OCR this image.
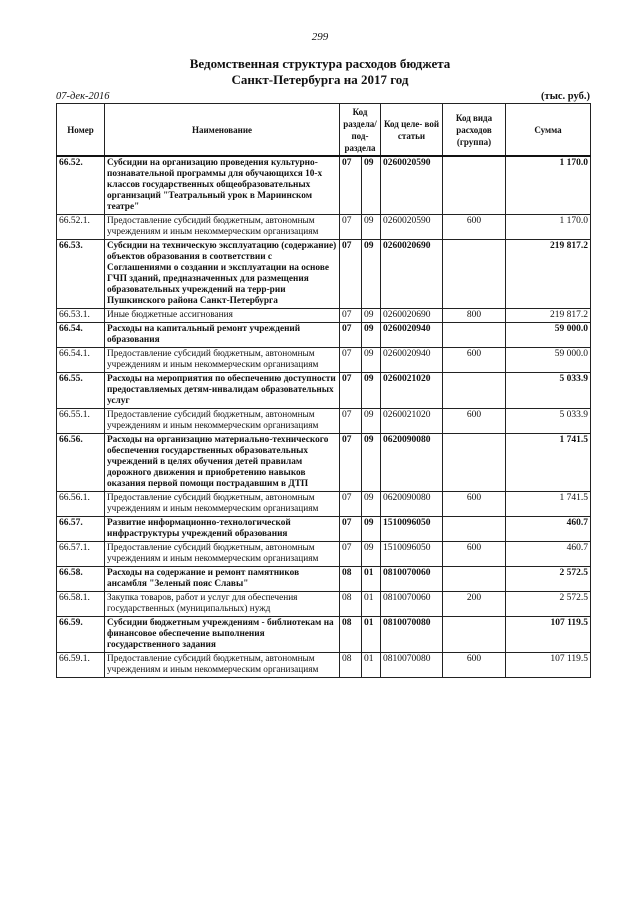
299
Ведомственная структура расходов бюджета
Санкт-Петербурга на 2017 год
07-дек-2016	(тыс. руб.)
Номер	Наименование	Код раздела/ под- раздела		Код целе- вой статьи	Код вида расходов (группа)	Сумма
66.52.	Субсидии на организацию проведения культурно-познавательной программы для обучающихся 10-х классов государственных общеобразовательных организаций "Театральный урок в Мариинском театре"	07	09	0260020590		1 170.0
66.52.1.	Предоставление субсидий бюджетным, автономным учреждениям и иным некоммерческим организациям	07	09	0260020590	600	1 170.0
66.53.	Субсидии на техническую эксплуатацию (содержание) объектов образования в соответствии с Соглашениями о создании и эксплуатации на основе ГЧП зданий, предназначенных для размещения образовательных учреждений на терр-рии Пушкинского района Санкт-Петербурга	07	09	0260020690		219 817.2
66.53.1.	Иные бюджетные ассигнования	07	09	0260020690	800	219 817.2
66.54.	Расходы на капитальный ремонт учреждений образования	07	09	0260020940		59 000.0
66.54.1.	Предоставление субсидий бюджетным, автономным учреждениям и иным некоммерческим организациям	07	09	0260020940	600	59 000.0
66.55.	Расходы на мероприятия по обеспечению доступности предоставляемых детям-инвалидам образовательных услуг	07	09	0260021020		5 033.9
66.55.1.	Предоставление субсидий бюджетным, автономным учреждениям и иным некоммерческим организациям	07	09	0260021020	600	5 033.9
66.56.	Расходы на организацию материально-технического обеспечения государственных образовательных учреждений в целях обучения детей правилам дорожного движения и приобретению навыков оказания первой помощи пострадавшим в ДТП	07	09	0620090080		1 741.5
66.56.1.	Предоставление субсидий бюджетным, автономным учреждениям и иным некоммерческим организациям	07	09	0620090080	600	1 741.5
66.57.	Развитие информационно-технологической инфраструктуры учреждений образования	07	09	1510096050		460.7
66.57.1.	Предоставление субсидий бюджетным, автономным учреждениям и иным некоммерческим организациям	07	09	1510096050	600	460.7
66.58.	Расходы на содержание и ремонт памятников ансамбля "Зеленый пояс Славы"	08	01	0810070060		2 572.5
66.58.1.	Закупка товаров, работ и услуг для обеспечения государственных (муниципальных) нужд	08	01	0810070060	200	2 572.5
66.59.	Субсидии бюджетным учреждениям - библиотекам на финансовое обеспечение выполнения государственного задания	08	01	0810070080		107 119.5
66.59.1.	Предоставление субсидий бюджетным, автономным учреждениям и иным некоммерческим организациям	08	01	0810070080	600	107 119.5
